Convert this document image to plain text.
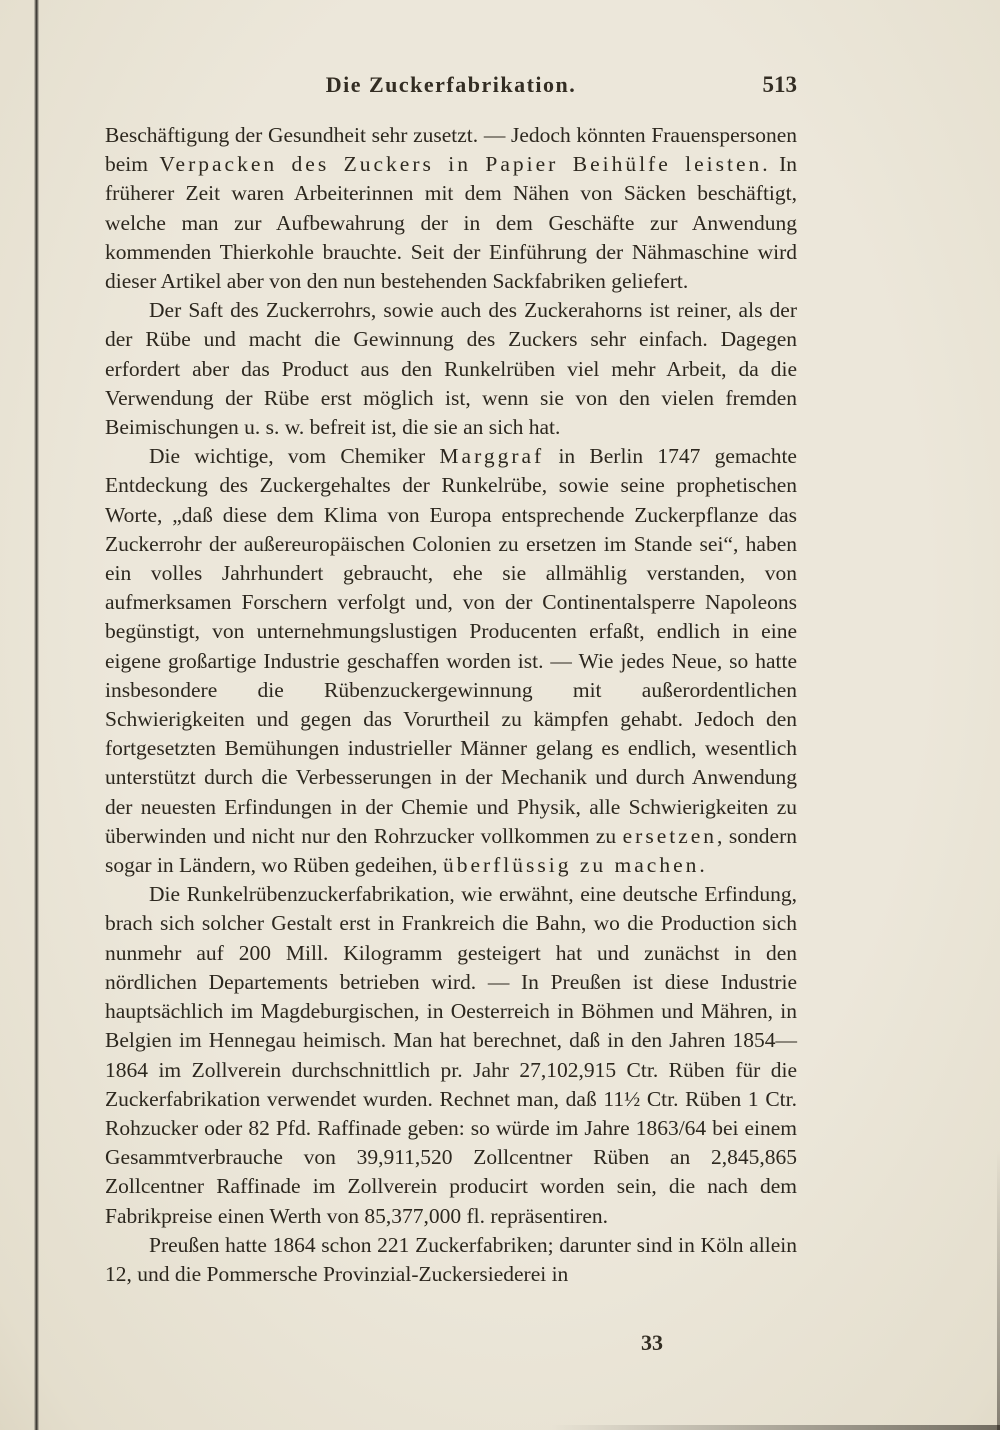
Die Zuckerfabrikation.	513

Beschäftigung der Gesundheit sehr zusetzt. — Jedoch könnten Frauenspersonen beim Verpacken des Zuckers in Papier Beihülfe leisten. In früherer Zeit waren Arbeiterinnen mit dem Nähen von Säcken beschäftigt, welche man zur Aufbewahrung der in dem Geschäfte zur Anwendung kommenden Thierkohle brauchte. Seit der Einführung der Nähmaschine wird dieser Artikel aber von den nun bestehenden Sackfabriken geliefert.

Der Saft des Zuckerrohrs, sowie auch des Zuckerahorns ist reiner, als der der Rübe und macht die Gewinnung des Zuckers sehr einfach. Dagegen erfordert aber das Product aus den Runkelrüben viel mehr Arbeit, da die Verwendung der Rübe erst möglich ist, wenn sie von den vielen fremden Beimischungen u. s. w. befreit ist, die sie an sich hat.

Die wichtige, vom Chemiker Marggraf in Berlin 1747 gemachte Entdeckung des Zuckergehaltes der Runkelrübe, sowie seine prophetischen Worte, „daß diese dem Klima von Europa entsprechende Zuckerpflanze das Zuckerrohr der außereuropäischen Colonien zu ersetzen im Stande sei“, haben ein volles Jahrhundert gebraucht, ehe sie allmählig verstanden, von aufmerksamen Forschern verfolgt und, von der Continentalsperre Napoleons begünstigt, von unternehmungslustigen Producenten erfaßt, endlich in eine eigene großartige Industrie geschaffen worden ist. — Wie jedes Neue, so hatte insbesondere die Rübenzuckergewinnung mit außerordentlichen Schwierigkeiten und gegen das Vorurtheil zu kämpfen gehabt. Jedoch den fortgesetzten Bemühungen industrieller Männer gelang es endlich, wesentlich unterstützt durch die Verbesserungen in der Mechanik und durch Anwendung der neuesten Erfindungen in der Chemie und Physik, alle Schwierigkeiten zu überwinden und nicht nur den Rohrzucker vollkommen zu ersetzen, sondern sogar in Ländern, wo Rüben gedeihen, überflüssig zu machen.

Die Runkelrübenzuckerfabrikation, wie erwähnt, eine deutsche Erfindung, brach sich solcher Gestalt erst in Frankreich die Bahn, wo die Production sich nunmehr auf 200 Mill. Kilogramm gesteigert hat und zunächst in den nördlichen Departements betrieben wird. — In Preußen ist diese Industrie hauptsächlich im Magdeburgischen, in Oesterreich in Böhmen und Mähren, in Belgien im Hennegau heimisch. Man hat berechnet, daß in den Jahren 1854—1864 im Zollverein durchschnittlich pr. Jahr 27,102,915 Ctr. Rüben für die Zuckerfabrikation verwendet wurden. Rechnet man, daß 11½ Ctr. Rüben 1 Ctr. Rohzucker oder 82 Pfd. Raffinade geben: so würde im Jahre 1863/64 bei einem Gesammtverbrauche von 39,911,520 Zollcentner Rüben an 2,845,865 Zollcentner Raffinade im Zollverein producirt worden sein, die nach dem Fabrikpreise einen Werth von 85,377,000 fl. repräsentiren.

Preußen hatte 1864 schon 221 Zuckerfabriken; darunter sind in Köln allein 12, und die Pommersche Provinzial-Zuckersiederei in

33
